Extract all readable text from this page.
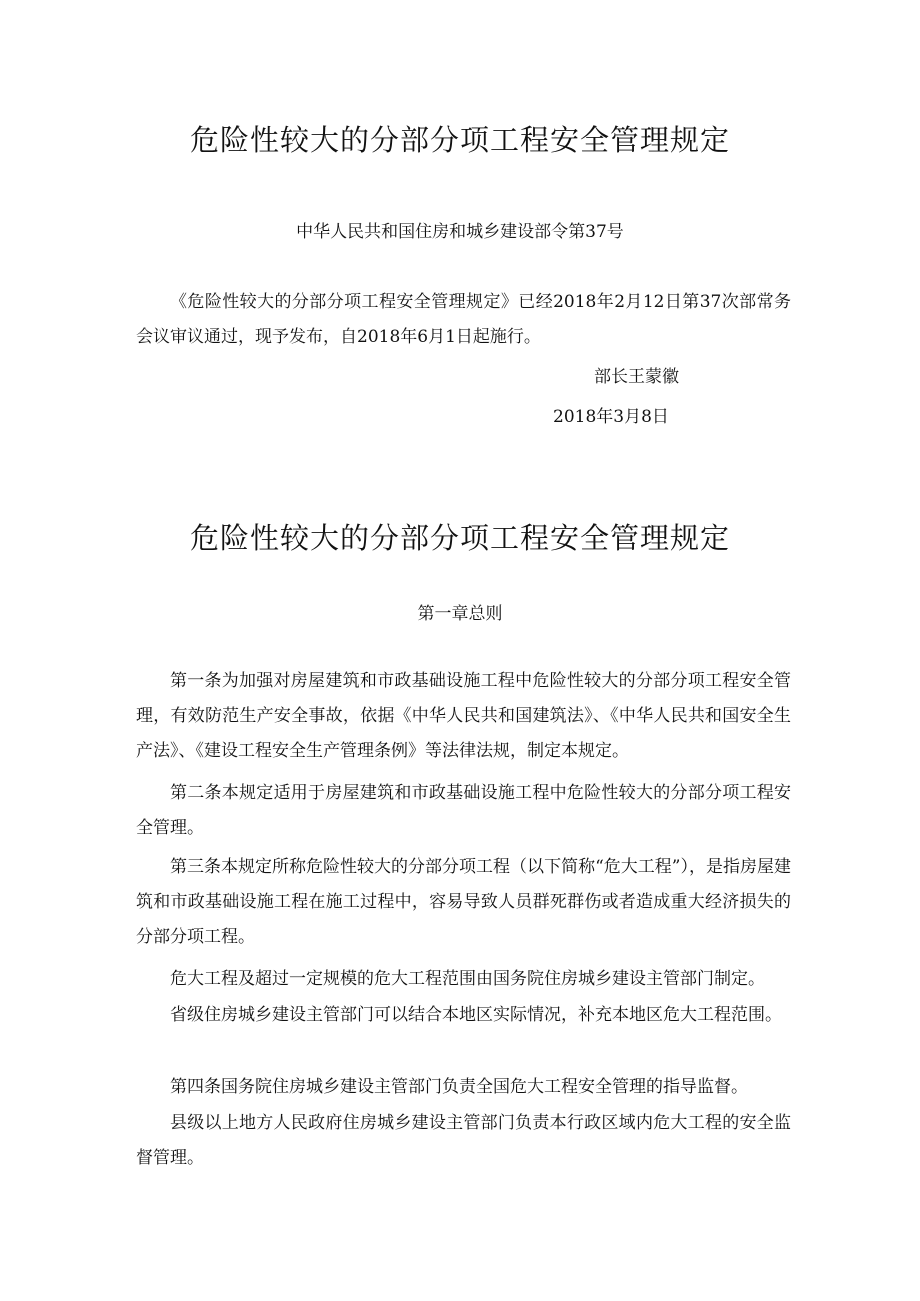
危险性较大的分部分项工程安全管理规定
中华人民共和国住房和城乡建设部令第37号
《危险性较大的分部分项工程安全管理规定》已经2018年2月12日第37次部常务会议审议通过，现予发布，自2018年6月1日起施行。
部长王蒙徽
2018年3月8日
危险性较大的分部分项工程安全管理规定
第一章总则
第一条为加强对房屋建筑和市政基础设施工程中危险性较大的分部分项工程安全管理，有效防范生产安全事故，依据《中华人民共和国建筑法》、《中华人民共和国安全生产法》、《建设工程安全生产管理条例》等法律法规，制定本规定。
第二条本规定适用于房屋建筑和市政基础设施工程中危险性较大的分部分项工程安全管理。
第三条本规定所称危险性较大的分部分项工程（以下简称“危大工程”），是指房屋建筑和市政基础设施工程在施工过程中，容易导致人员群死群伤或者造成重大经济损失的分部分项工程。
危大工程及超过一定规模的危大工程范围由国务院住房城乡建设主管部门制定。
省级住房城乡建设主管部门可以结合本地区实际情况，补充本地区危大工程范围。
第四条国务院住房城乡建设主管部门负责全国危大工程安全管理的指导监督。
县级以上地方人民政府住房城乡建设主管部门负责本行政区域内危大工程的安全监督管理。
